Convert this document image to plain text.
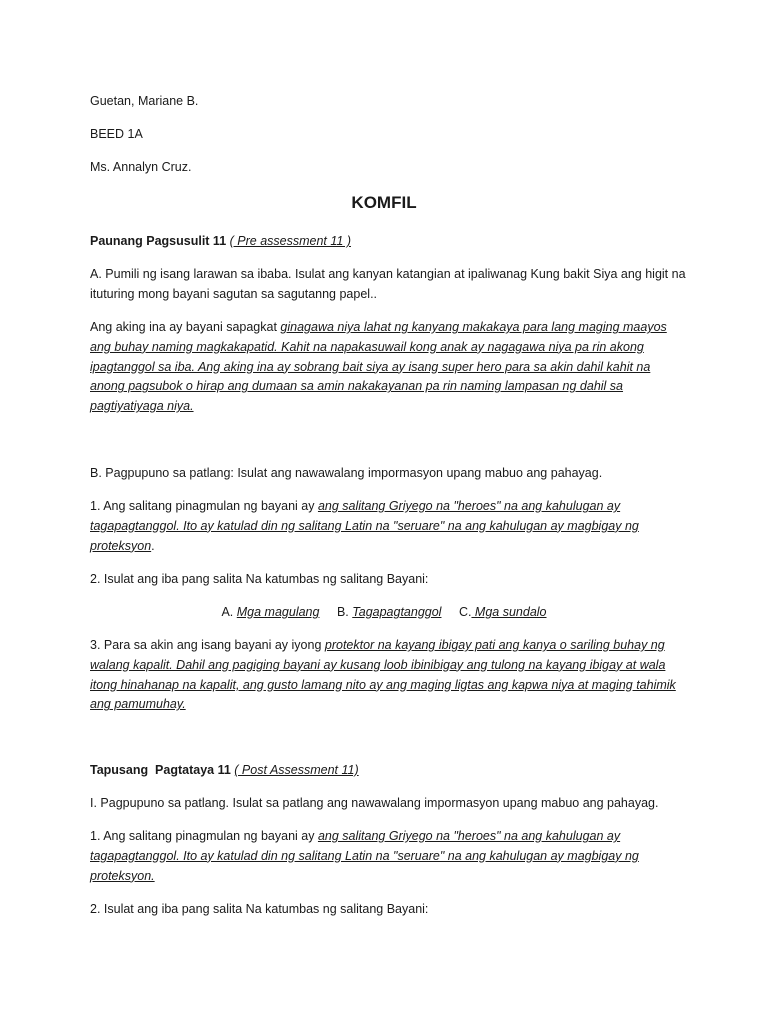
Guetan, Mariane B.

BEED 1A

Ms. Annalyn Cruz.

KOMFIL

Paunang Pagsusulit 11 ( Pre assessment 11 )

A. Pumili ng isang larawan sa ibaba. Isulat ang kanyan katangian at ipaliwanag Kung bakit Siya ang higit na ituturing mong bayani sagutan sa sagutanng papel..

Ang aking ina ay bayani sapagkat ginagawa niya lahat ng kanyang makakaya para lang maging maayos ang buhay naming magkakapatid. Kahit na napakasuwail kong anak ay nagagawa niya pa rin akong ipagtanggol sa iba. Ang aking ina ay sobrang bait siya ay isang super hero para sa akin dahil kahit na anong pagsubok o hirap ang dumaan sa amin nakakayanan pa rin naming lampasan ng dahil sa pagtiyatiyaga niya.

B. Pagpupuno sa patlang: Isulat ang nawawalang impormasyon upang mabuo ang pahayag.

1. Ang salitang pinagmulan ng bayani ay ang salitang Griyego na "heroes" na ang kahulugan ay tagapagtanggol. Ito ay katulad din ng salitang Latin na "seruare" na ang kahulugan ay magbigay ng proteksyon.

2. Isulat ang iba pang salita Na katumbas ng salitang Bayani:

A. Mga magulang B. Tagapagtanggol C. Mga sundalo

3. Para sa akin ang isang bayani ay iyong protektor na kayang ibigay pati ang kanya o sariling buhay ng walang kapalit. Dahil ang pagiging bayani ay kusang loob ibinibigay ang tulong na kayang ibigay at wala itong hinahanap na kapalit, ang gusto lamang nito ay ang maging ligtas ang kapwa niya at maging tahimik ang pamumuhay.

Tapusang  Pagtataya 11 ( Post Assessment 11)

I. Pagpupuno sa patlang. Isulat sa patlang ang nawawalang impormasyon upang mabuo ang pahayag.

1. Ang salitang pinagmulan ng bayani ay ang salitang Griyego na "heroes" na ang kahulugan ay tagapagtanggol. Ito ay katulad din ng salitang Latin na "seruare" na ang kahulugan ay magbigay ng proteksyon.

2. Isulat ang iba pang salita Na katumbas ng salitang Bayani:
